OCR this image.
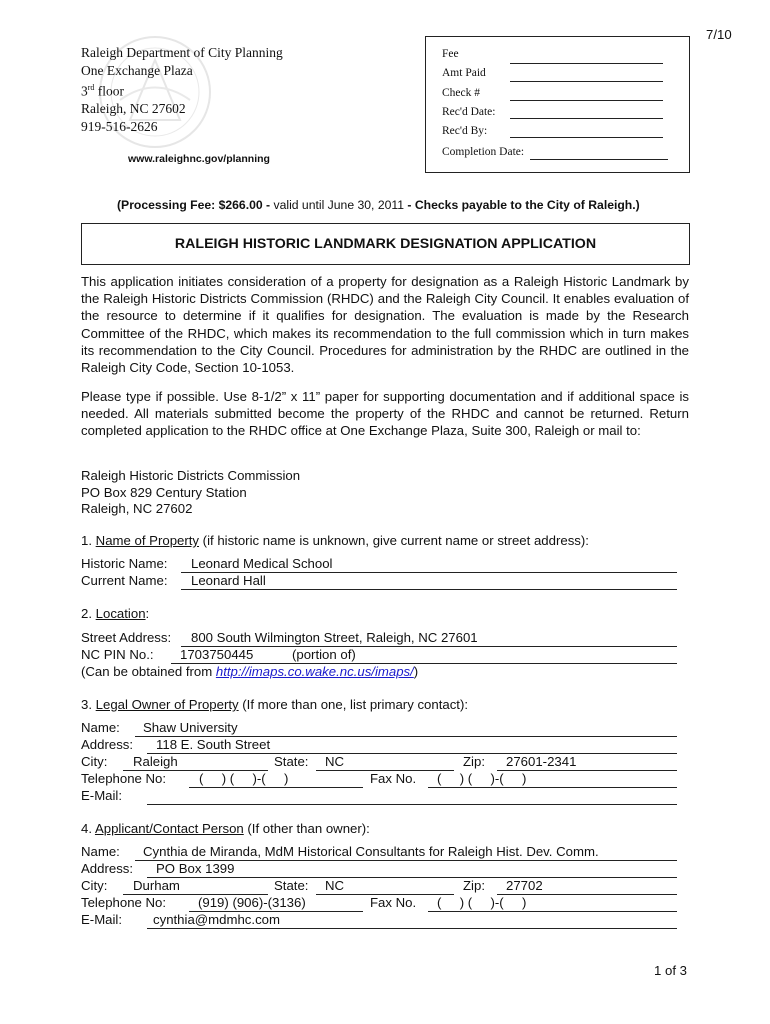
7/10
Raleigh Department of City Planning
One Exchange Plaza
3rd floor
Raleigh, NC 27602
919-516-2626
www.raleighnc.gov/planning
Fee
Amt Paid
Check #
Rec'd Date:
Rec'd By:
Completion Date:
(Processing Fee: $266.00 - valid until June 30, 2011 - Checks payable to the City of Raleigh.)
RALEIGH HISTORIC LANDMARK DESIGNATION APPLICATION

This application initiates consideration of a property for designation as a Raleigh Historic Landmark by the Raleigh Historic Districts Commission (RHDC) and the Raleigh City Council. It enables evaluation of the resource to determine if it qualifies for designation. The evaluation is made by the Research Committee of the RHDC, which makes its recommendation to the full commission which in turn makes its recommendation to the City Council. Procedures for administration by the RHDC are outlined in the Raleigh City Code, Section 10-1053.

Please type if possible. Use 8-1/2” x 11” paper for supporting documentation and if additional space is needed. All materials submitted become the property of the RHDC and cannot be returned. Return completed application to the RHDC office at One Exchange Plaza, Suite 300, Raleigh or mail to:

Raleigh Historic Districts Commission
PO Box 829 Century Station
Raleigh, NC 27602
1. Name of Property (if historic name is unknown, give current name or street address):
Historic Name: Leonard Medical School
Current Name: Leonard Hall
2. Location:
Street Address: 800 South Wilmington Street, Raleigh, NC 27601
NC PIN No.: 1703750445	(portion of)
(Can be obtained from http://imaps.co.wake.nc.us/imaps/)
3. Legal Owner of Property (If more than one, list primary contact):
Name: Shaw University
Address: 118 E. South Street
City: Raleigh	State: NC	Zip: 27601-2341
Telephone No: (     ) (     )-(     )	Fax No. (     ) (     )-(     )
E-Mail:
4. Applicant/Contact Person (If other than owner):
Name: Cynthia de Miranda, MdM Historical Consultants for Raleigh Hist. Dev. Comm.
Address: PO Box 1399
City: Durham	State: NC	Zip: 27702
Telephone No: (919) (906)-(3136)	Fax No. (     ) (     )-(     )
E-Mail: cynthia@mdmhc.com
1 of 3
